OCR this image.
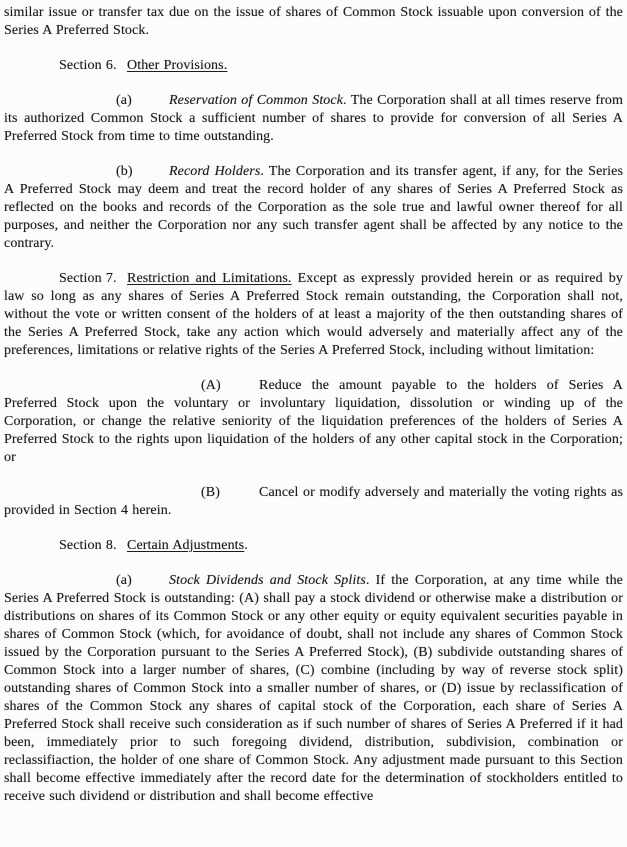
similar issue or transfer tax due on the issue of shares of Common Stock issuable upon conversion of the Series A Preferred Stock.

Section 6. Other Provisions.

(a)	Reservation of Common Stock. The Corporation shall at all times reserve from its authorized Common Stock a sufficient number of shares to provide for conversion of all Series A Preferred Stock from time to time outstanding.

(b)	Record Holders. The Corporation and its transfer agent, if any, for the Series A Preferred Stock may deem and treat the record holder of any shares of Series A Preferred Stock as reflected on the books and records of the Corporation as the sole true and lawful owner thereof for all purposes, and neither the Corporation nor any such transfer agent shall be affected by any notice to the contrary.

Section 7. Restriction and Limitations. Except as expressly provided herein or as required by law so long as any shares of Series A Preferred Stock remain outstanding, the Corporation shall not, without the vote or written consent of the holders of at least a majority of the then outstanding shares of the Series A Preferred Stock, take any action which would adversely and materially affect any of the preferences, limitations or relative rights of the Series A Preferred Stock, including without limitation:

(A)	Reduce the amount payable to the holders of Series A Preferred Stock upon the voluntary or involuntary liquidation, dissolution or winding up of the Corporation, or change the relative seniority of the liquidation preferences of the holders of Series A Preferred Stock to the rights upon liquidation of the holders of any other capital stock in the Corporation; or

(B)	Cancel or modify adversely and materially the voting rights as provided in Section 4 herein.

Section 8. Certain Adjustments.

(a)	Stock Dividends and Stock Splits. If the Corporation, at any time while the Series A Preferred Stock is outstanding: (A) shall pay a stock dividend or otherwise make a distribution or distributions on shares of its Common Stock or any other equity or equity equivalent securities payable in shares of Common Stock (which, for avoidance of doubt, shall not include any shares of Common Stock issued by the Corporation pursuant to the Series A Preferred Stock), (B) subdivide outstanding shares of Common Stock into a larger number of shares, (C) combine (including by way of reverse stock split) outstanding shares of Common Stock into a smaller number of shares, or (D) issue by reclassification of shares of the Common Stock any shares of capital stock of the Corporation, each share of Series A Preferred Stock shall receive such consideration as if such number of shares of Series A Preferred if it had been, immediately prior to such foregoing dividend, distribution, subdivision, combination or reclassifiaction, the holder of one share of Common Stock. Any adjustment made pursuant to this Section shall become effective immediately after the record date for the determination of stockholders entitled to receive such dividend or distribution and shall become effective
